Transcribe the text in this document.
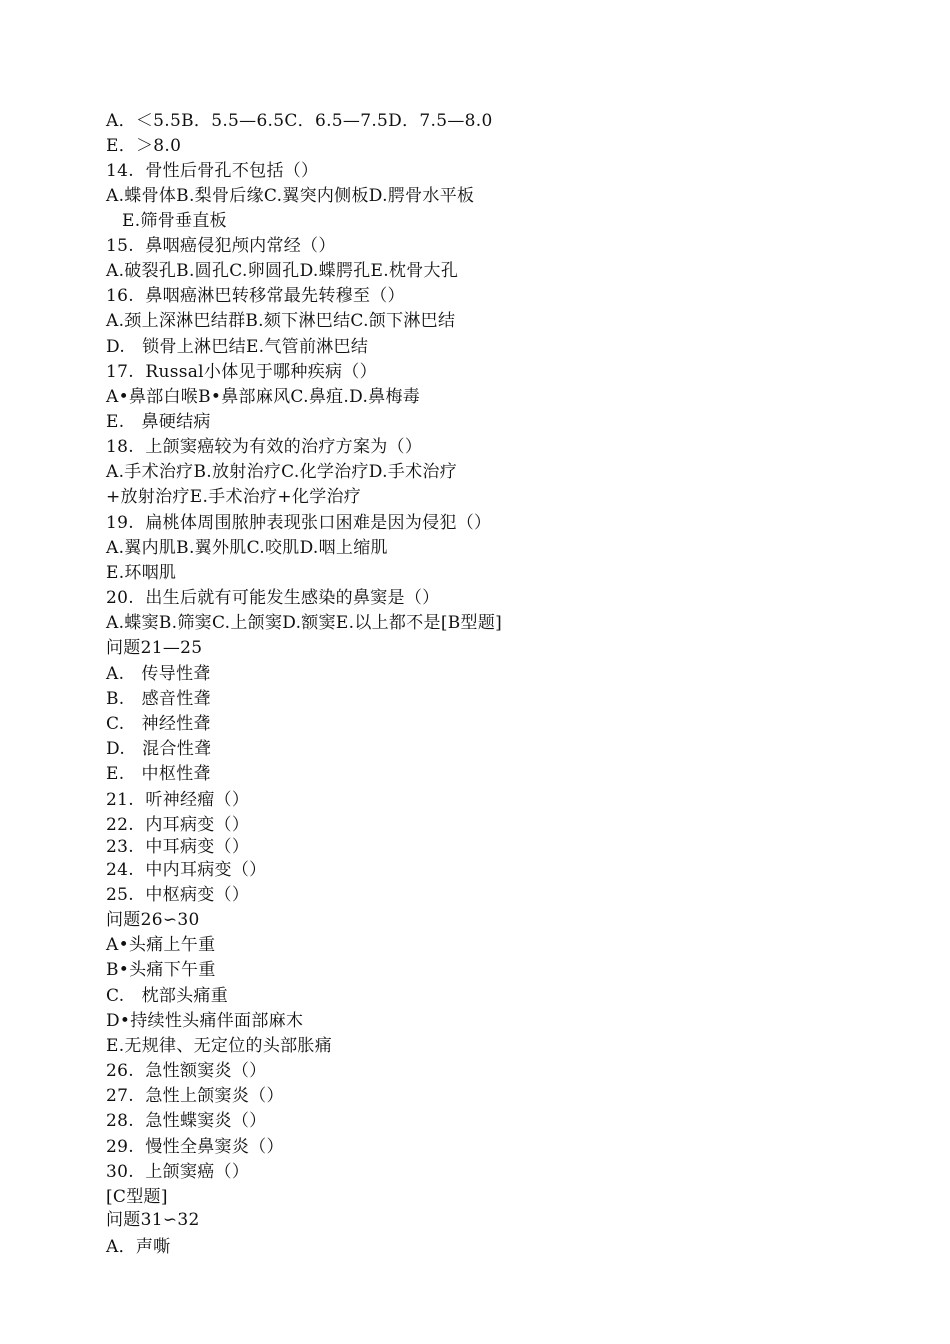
A．＜5.5B．5.5—6.5C．6.5—7.5D．7.5—8.0
E．＞8.0
14.  骨性后骨孔不包括（）
A.蝶骨体B.梨骨后缘C.翼突内侧板D.腭骨水平板
E.筛骨垂直板
15.  鼻咽癌侵犯颅内常经（）
A.破裂孔B.圆孔C.卵圆孔D.蝶腭孔E.枕骨大孔
16.  鼻咽癌淋巴转移常最先转穆至（）
A.颈上深淋巴结群B.颏下淋巴结C.颌下淋巴结
D.   锁骨上淋巴结E.气管前淋巴结
17.  Russal小体见于哪种疾病（）
A•鼻部白喉B•鼻部麻风C.鼻疽.D.鼻梅毒
E.   鼻硬结病
18.  上颌窦癌较为有效的治疗方案为（）
A.手术治疗B.放射治疗C.化学治疗D.手术治疗
+放射治疗E.手术治疗+化学治疗
19.  扁桃体周围脓肿表现张口困难是因为侵犯（）
A.翼内肌B.翼外肌C.咬肌D.咽上缩肌
E.环咽肌
20.  出生后就有可能发生感染的鼻窦是（）
A.蝶窦B.筛窦C.上颌窦D.额窦E.以上都不是[B型题]
问题21—25
A.   传导性聋
B.   感音性聋
C.   神经性聋
D.   混合性聋
E.   中枢性聋
21.  听神经瘤（）
22.  内耳病变（）
23.  中耳病变（）
24.  中内耳病变（）
25.  中枢病变（）
问题26∽30
A•头痛上午重
B•头痛下午重
C.   枕部头痛重
D•持续性头痛伴面部麻木
E.无规律、无定位的头部胀痛
26.  急性额窦炎（）
27.  急性上颌窦炎（）
28.  急性蝶窦炎（）
29.  慢性全鼻窦炎（）
30.  上颌窦癌（）
[C型题]
问题31∽32
A．声嘶
